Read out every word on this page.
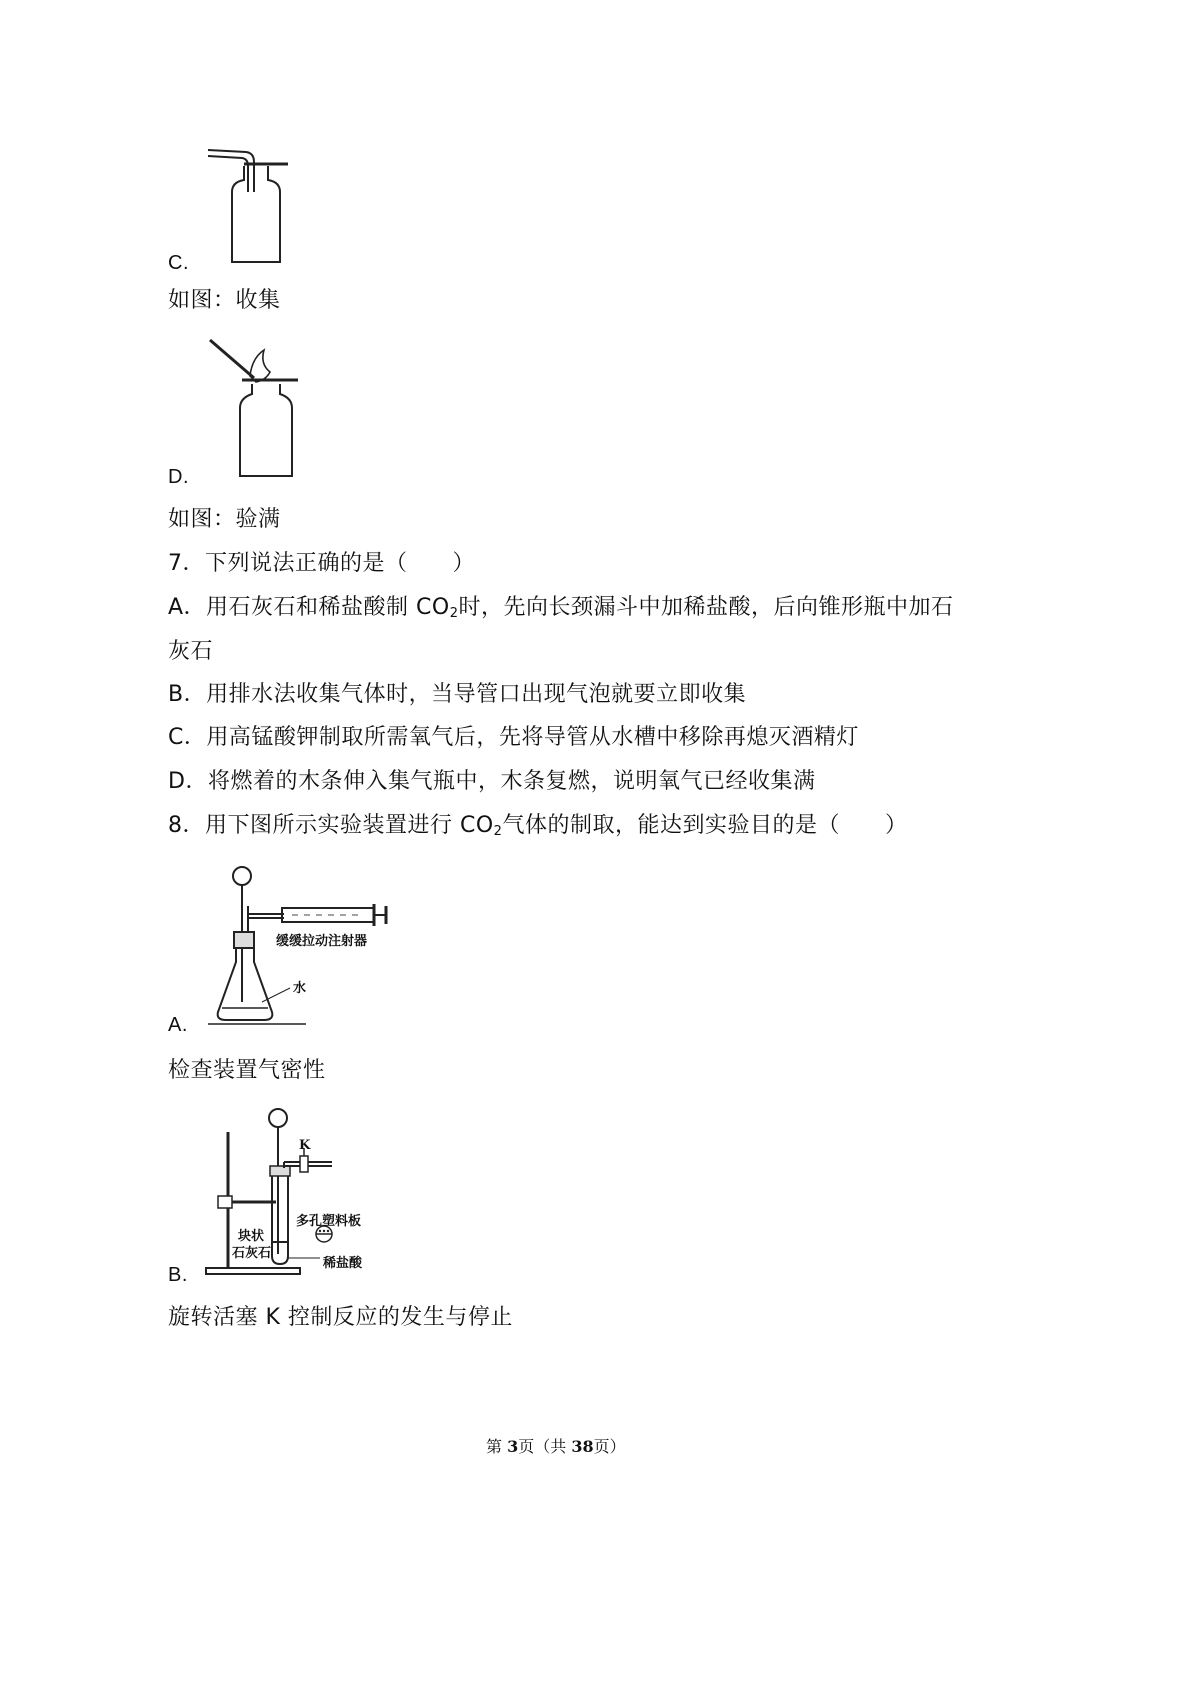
C.
如图：收集
D.
如图：验满
7．下列说法正确的是（　　）
A．用石灰石和稀盐酸制 $CO_2$时，先向长颈漏斗中加稀盐酸，后向锥形瓶中加石
灰石
B．用排水法收集气体时，当导管口出现气泡就要立即收集
C．用高锰酸钾制取所需氧气后，先将导管从水槽中移除再熄灭酒精灯
D．将燃着的木条伸入集气瓶中，木条复燃，说明氧气已经收集满
8．用下图所示实验装置进行 $CO_2$气体的制取，能达到实验目的是（　　）
缓缓拉动注射器
水
A.
检查装置气密性
K
多孔塑料板
块状
石灰石
稀盐酸
B.
旋转活塞 K 控制反应的发生与停止
第 3页（共 38页）
